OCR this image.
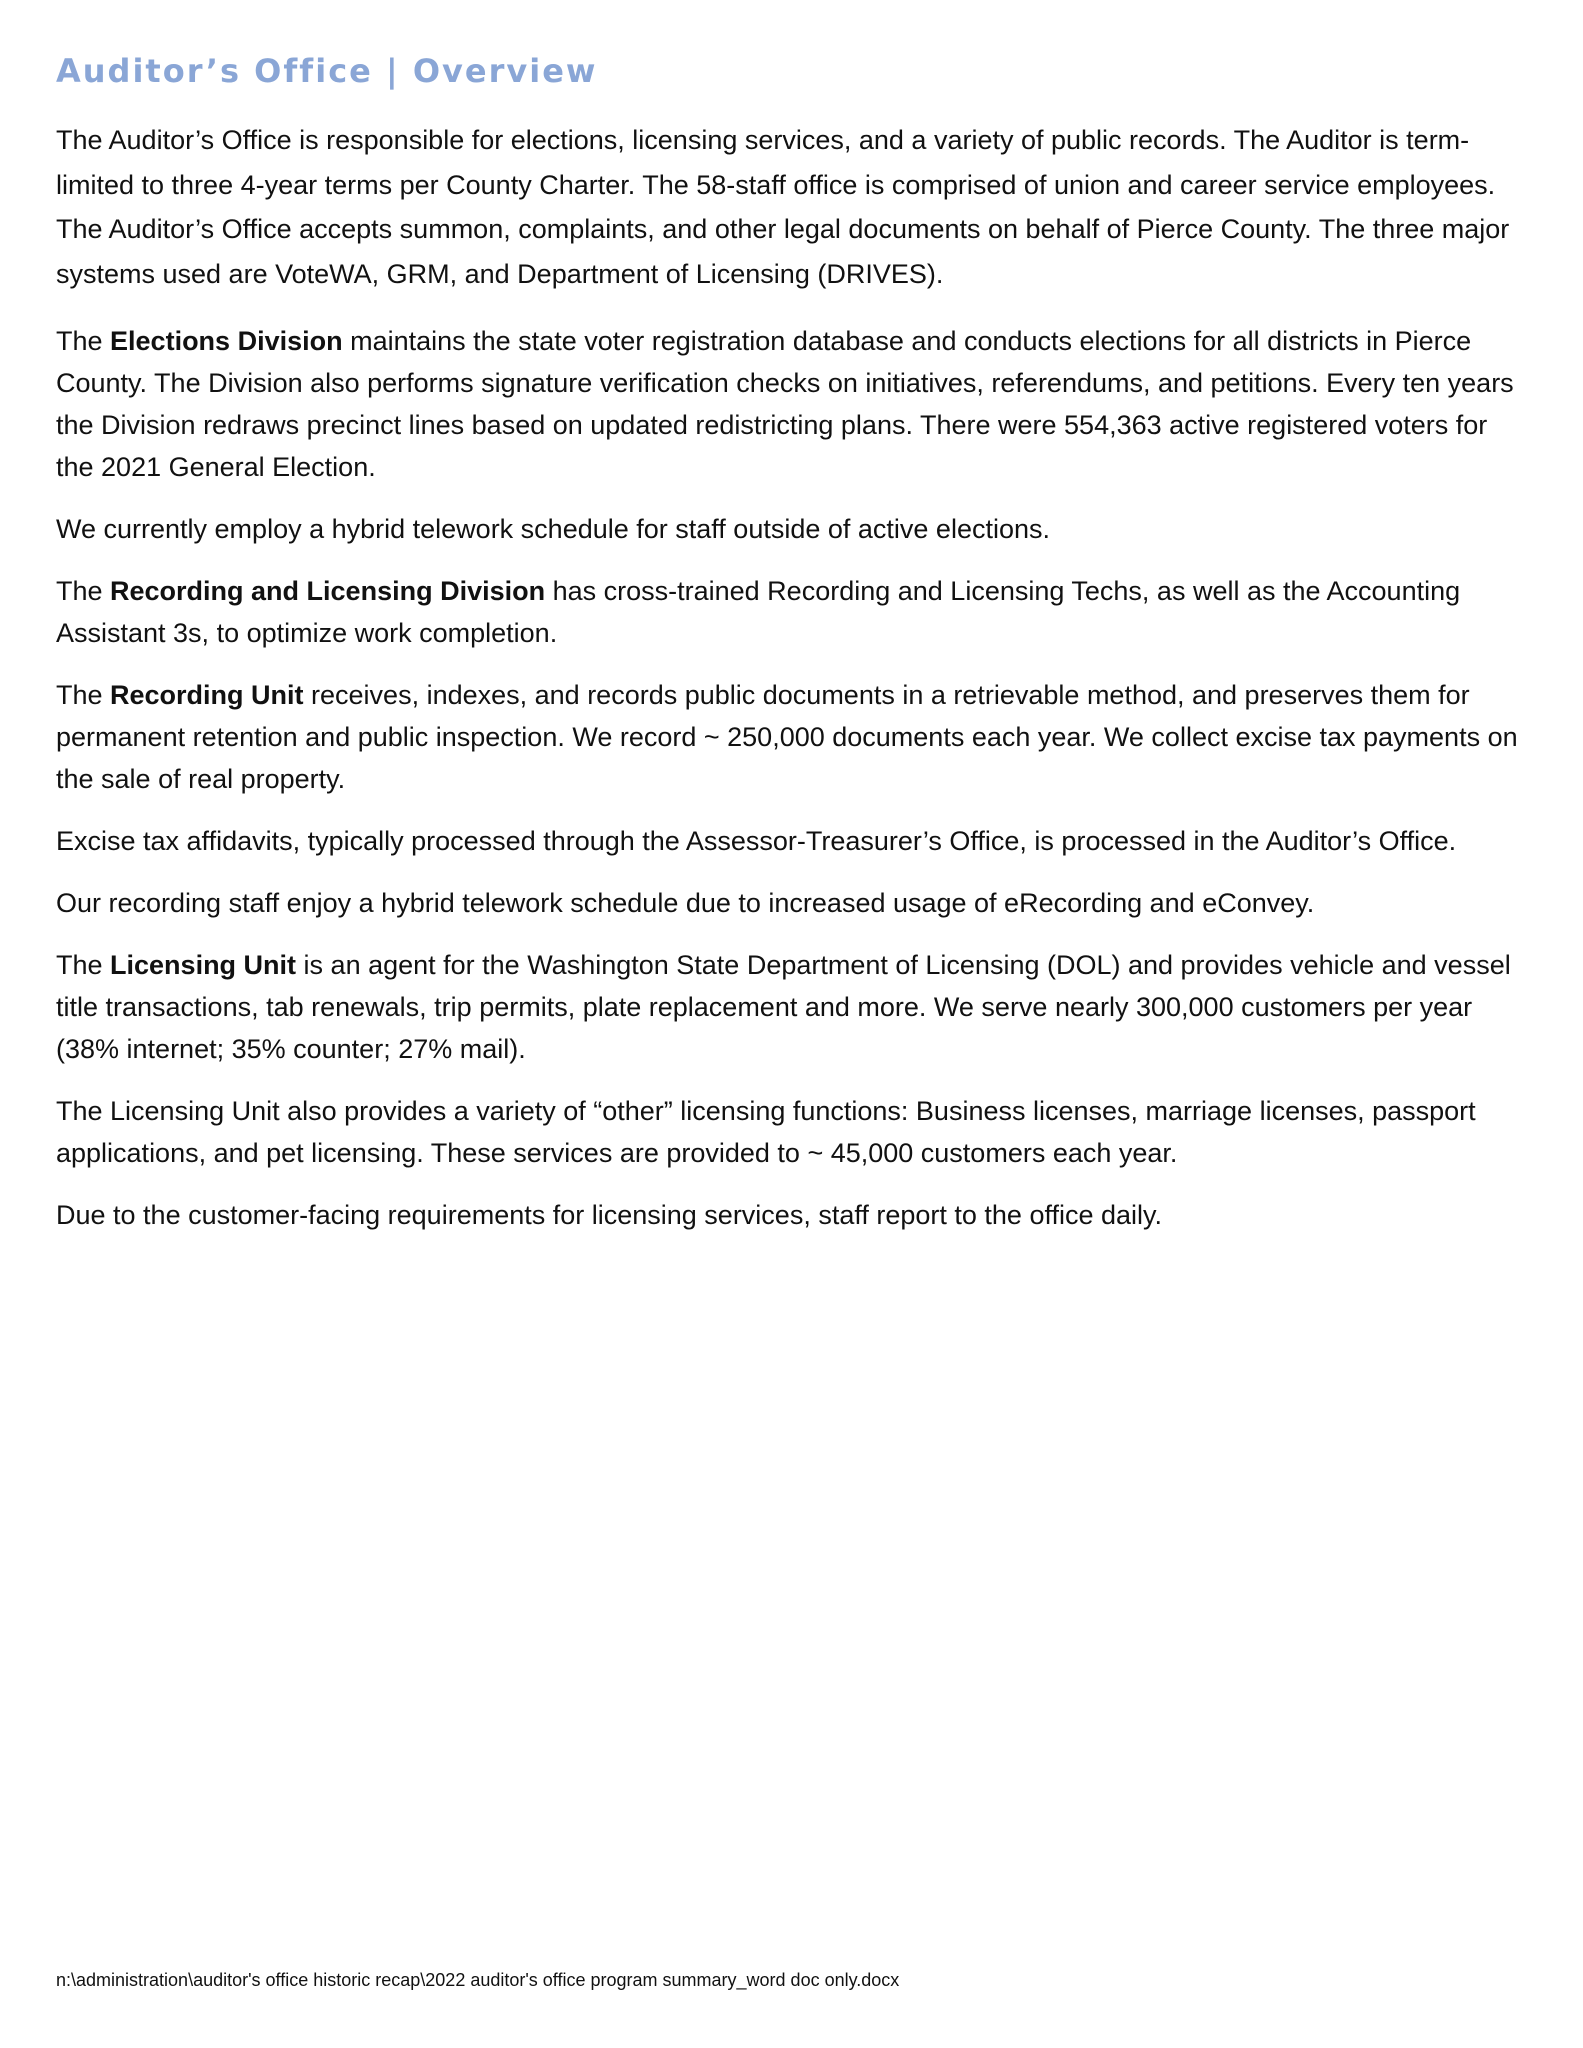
Auditor’s Office | Overview

The Auditor’s Office is responsible for elections, licensing services, and a variety of public records. The Auditor is term-limited to three 4-year terms per County Charter. The 58-staff office is comprised of union and career service employees. The Auditor’s Office accepts summon, complaints, and other legal documents on behalf of Pierce County. The three major systems used are VoteWA, GRM, and Department of Licensing (DRIVES).

The Elections Division maintains the state voter registration database and conducts elections for all districts in Pierce County. The Division also performs signature verification checks on initiatives, referendums, and petitions. Every ten years the Division redraws precinct lines based on updated redistricting plans. There were 554,363 active registered voters for the 2021 General Election.

We currently employ a hybrid telework schedule for staff outside of active elections.

The Recording and Licensing Division has cross-trained Recording and Licensing Techs, as well as the Accounting Assistant 3s, to optimize work completion.

The Recording Unit receives, indexes, and records public documents in a retrievable method, and preserves them for permanent retention and public inspection. We record ~ 250,000 documents each year. We collect excise tax payments on the sale of real property.

Excise tax affidavits, typically processed through the Assessor-Treasurer’s Office, is processed in the Auditor’s Office.

Our recording staff enjoy a hybrid telework schedule due to increased usage of eRecording and eConvey.

The Licensing Unit is an agent for the Washington State Department of Licensing (DOL) and provides vehicle and vessel title transactions, tab renewals, trip permits, plate replacement and more. We serve nearly 300,000 customers per year (38% internet; 35% counter; 27% mail).

The Licensing Unit also provides a variety of “other” licensing functions: Business licenses, marriage licenses, passport applications, and pet licensing. These services are provided to ~ 45,000 customers each year.

Due to the customer-facing requirements for licensing services, staff report to the office daily.

n:\administration\auditor's office historic recap\2022 auditor's office program summary_word doc only.docx
